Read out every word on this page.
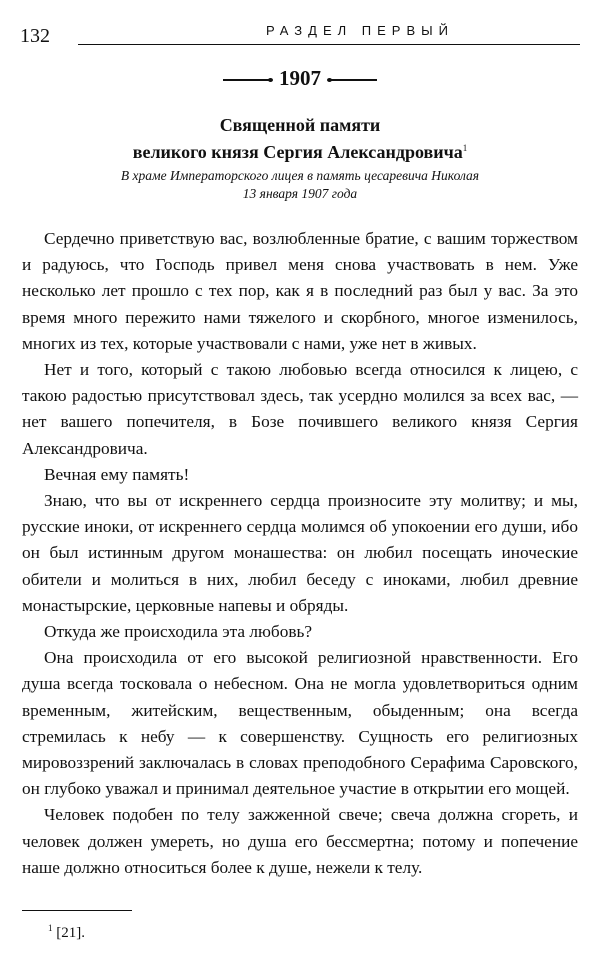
132	РАЗДЕЛ ПЕРВЫЙ
1907
Священной памяти
великого князя Сергия Александровича$^1$
В храме Императорского лицея в память цесаревича Николая
13 января 1907 года

Сердечно приветствую вас, возлюбленные братие, с вашим торжеством и радуюсь, что Господь привел меня снова участвовать в нем. Уже несколько лет прошло с тех пор, как я в последний раз был у вас. За это время много пережито нами тяжелого и скорбного, многое изменилось, многих из тех, которые участвовали с нами, уже нет в живых.

Нет и того, который с такою любовью всегда относился к лицею, с такою радостью присутствовал здесь, так усердно молился за всех вас, — нет вашего попечителя, в Бозе почившего великого князя Сергия Александровича.

Вечная ему память!

Знаю, что вы от искреннего сердца произносите эту молитву; и мы, русские иноки, от искреннего сердца молимся об упокоении его души, ибо он был истинным другом монашества: он любил посещать иноческие обители и молиться в них, любил беседу с иноками, любил древние монастырские, церковные напевы и обряды.

Откуда же происходила эта любовь?

Она происходила от его высокой религиозной нравственности. Его душа всегда тосковала о небесном. Она не могла удовлетвориться одним временным, житейским, вещественным, обыденным; она всегда стремилась к небу — к совершенству. Сущность его религиозных мировоззрений заключалась в словах преподобного Серафима Саровского, он глубоко уважал и принимал деятельное участие в открытии его мощей.

Человек подобен по телу зажженной свече; свеча должна сгореть, и человек должен умереть, но душа его бессмертна; потому и попечение наше должно относиться более к душе, нежели к телу.

$^1$ [21].
